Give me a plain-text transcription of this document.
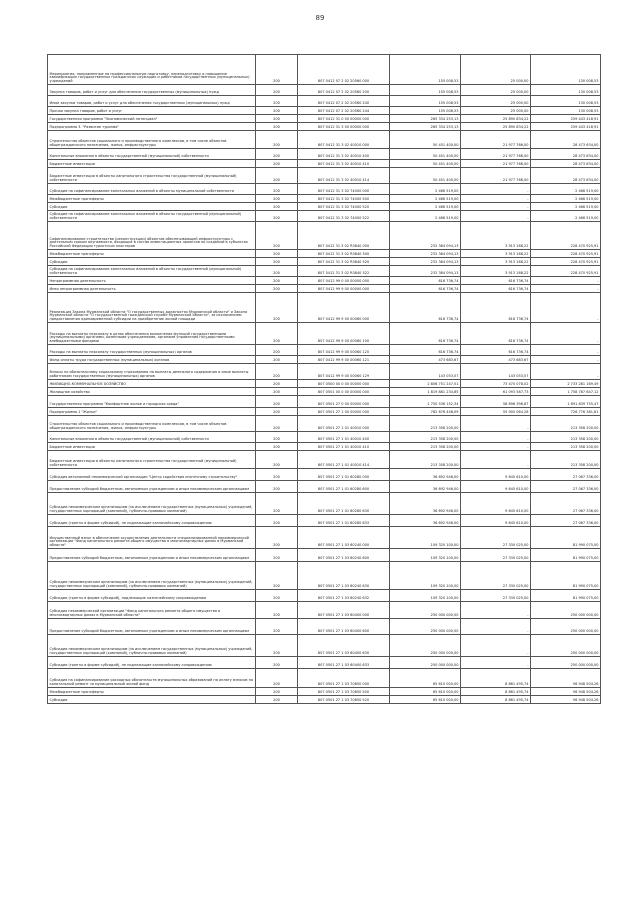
89
Мероприятия, направленные на профессиональную подготовку, переподготовку и повышение квалификации государственных гражданских служащих и работников государственных (муниципальных) учреждений	200	807 0412 07 2 02 20560 000	155 008,53	25 000,00	130 008,53
Закупка товаров, работ и услуг для обеспечения государственных (муниципальных) нужд	200	807 0412 07 2 02 20560 200	155 008,53	25 000,00	130 008,53
Иные закупки товаров, работ и услуг для обеспечения государственных (муниципальных) нужд	200	807 0412 07 2 02 20560 240	155 008,53	25 000,00	130 008,53
Прочая закупка товаров, работ и услуг	200	807 0412 07 2 02 20560 244	155 008,53	25 000,00	130 008,53
Государственная программа "Экономический потенциал"	200	807 0412 31 0 00 00000 000	285 334 253,13	25 890 834,22	259 443 418,91
Подпрограмма 3. "Развитие туризма"	200	807 0412 31 3 00 00000 000	285 334 253,13	25 890 834,22	259 443 418,91
Строительство объектов социального и производственного комплексов, в том числе объектов общегражданского назначения, жилья, инфраструктуры	200	807 0412 31 3 02 40010 000	50 451 400,00	21 977 766,00	28 473 634,00
Капитальные вложения в объекты государственной (муниципальной) собственности	200	807 0412 31 3 02 40010 400	50 451 400,00	21 977 766,00	28 473 634,00
Бюджетные инвестиции	200	807 0412 31 3 02 40010 410	50 451 400,00	21 977 766,00	28 473 634,00
Бюджетные инвестиции в объекты капитального строительства государственной (муниципальной) собственности	200	807 0412 31 3 02 40010 414	50 451 400,00	21 977 766,00	28 473 634,00
Субсидии на софинансирование капитальных вложений в объекты муниципальной собственности	200	807 0412 31 3 02 74000 000	2 466 519,00	-	2 466 519,00
Межбюджетные трансферты	200	807 0412 31 3 02 74000 500	2 466 519,00	-	2 466 519,00
Субсидии	200	807 0412 31 3 02 74000 520	2 466 519,00	-	2 466 519,00
Субсидии на софинансирование капитальных вложений в объекты государственной (муниципальной) собственности	200	807 0412 31 3 02 74000 522	2 466 519,00	-	2 466 519,00
Софинансирование строительства (реконструкции) объектов обеспечивающей инфраструктуры с длительным сроком окупаемости, входящих в состав инвестиционных проектов по созданию в субъектах Российской Федерации туристских кластеров	200	807 0412 31 3 02 R3840 000	232 384 094,13	3 913 168,22	228 470 925,91
Межбюджетные трансферты	200	807 0412 31 3 02 R3840 500	232 384 094,13	3 913 168,22	228 470 925,91
Субсидии	200	807 0412 31 3 02 R3840 520	232 384 094,13	3 913 168,22	228 470 925,91
Субсидии на софинансирование капитальных вложений в объекты государственной (муниципальной) собственности	200	807 0412 31 3 02 R3840 522	232 384 094,13	3 913 168,22	228 470 925,91
Непрограммная деятельность	200	807 0412 99 0 00 00000 000	616 736,74	616 736,74	-
Иная непрограммная деятельность	200	807 0412 99 9 00 00000 000	616 736,74	616 736,74	-
Реализация Закона Мурманской области "О государственных должностях Мурманской области" и Закона Мурманской области "О государственной гражданской службе Мурманской области", за исключением предоставления единовременной субсидии на приобретение жилой площади	200	807 0412 99 9 00 00060 000	616 736,74	616 736,74	-
Расходы на выплаты персоналу в целях обеспечения выполнения функций государственными (муниципальными) органами, казенными учреждениями, органами управления государственными внебюджетными фондами	200	807 0412 99 9 00 00060 100	616 736,74	616 736,74	-
Расходы на выплаты персоналу государственных (муниципальных) органов	200	807 0412 99 9 00 00060 120	616 736,74	616 736,74	-
Фонд оплаты труда государственных (муниципальных) органов	200	807 0412 99 9 00 00060 121	473 683,67	473 683,67	-
Взносы по обязательному социальному страхованию на выплаты денежного содержания и иные выплаты работникам государственных (муниципальных) органов	200	807 0412 99 9 00 00060 129	143 053,07	143 053,07	-
ЖИЛИЩНО-КОММУНАЛЬНОЕ ХОЗЯЙСТВО	200	807 0500 00 0 00 00000 000	2 806 751 247,51	73 470 078,02	2 733 281 169,49
Жилищное хозяйство	200	807 0501 00 0 00 00000 000	1 819 881 234,85	61 093 587,73	1 758 787 647,12
Государственная программа "Комфортное жилье и городская среда"	200	807 0501 27 0 00 00000 000	1 750 536 152,34	58 696 396,87	1 691 839 755,47
Подпрограмма 1 "Жилье"	200	807 0501 27 1 00 00000 000	782 676 446,09	55 900 064,28	726 776 381,81
Строительство объектов социального и производственного комплексов, в том числе объектов общегражданского назначения, жилья, инфраструктуры	200	807 0501 27 1 01 40010 000	213 358 200,00	-	213 358 200,00
Капитальные вложения в объекты государственной (муниципальной) собственности	200	807 0501 27 1 01 40010 400	213 358 200,00	-	213 358 200,00
Бюджетные инвестиции	200	807 0501 27 1 01 40010 410	213 358 200,00	-	213 358 200,00
Бюджетные инвестиции в объекты капитального строительства государственной (муниципальной) собственности	200	807 0501 27 1 01 40010 414	213 358 200,00	-	213 358 200,00
Субсидия автономной некоммерческой организации "Центр содействия ипотечному строительству"	200	807 0501 27 1 01 60280 000	36 692 946,00	9 645 610,00	27 067 336,00
Предоставление субсидий бюджетным, автономным учреждениям и иным некоммерческим организациям	200	807 0501 27 1 01 60280 600	36 692 946,00	9 645 610,00	27 067 336,00
Субсидии некоммерческим организациям (за исключением государственных (муниципальных) учреждений, государственных корпораций (компаний), публично-правовых компаний)	200	807 0501 27 1 01 60280 630	36 692 946,00	9 645 610,00	27 067 336,00
Субсидии (гранты в форме субсидий), не подлежащие казначейскому сопровождению	200	807 0501 27 1 01 60280 633	36 692 946,00	9 645 610,00	27 067 336,00
Имущественный взнос в обеспечение осуществления деятельности специализированной некоммерческой организации "Фонд капитального ремонта общего имущества в многоквартирных домах в Мурманской области"	200	807 0501 27 1 03 60240 000	109 320 100,00	27 330 025,00	81 990 075,00
Предоставление субсидий бюджетным, автономным учреждениям и иным некоммерческим организациям	200	807 0501 27 1 03 60240 600	109 320 100,00	27 330 025,00	81 990 075,00
Субсидии некоммерческим организациям (за исключением государственных (муниципальных) учреждений, государственных корпораций (компаний), публично-правовых компаний)	200	807 0501 27 1 03 60240 630	109 320 100,00	27 330 025,00	81 990 075,00
Субсидии (гранты в форме субсидий), подлежащие казначейскому сопровождению	200	807 0501 27 1 03 60240 632	109 320 100,00	27 330 025,00	81 990 075,00
Субсидия некоммерческой организации "Фонд капитального ремонта общего имущества в многоквартирных домах в Мурманской области"	200	807 0501 27 1 03 60400 000	250 000 000,00	-	250 000 000,00
Предоставление субсидий бюджетным, автономным учреждениям и иным некоммерческим организациям	200	807 0501 27 1 03 60400 600	250 000 000,00	-	250 000 000,00
Субсидии некоммерческим организациям (за исключением государственных (муниципальных) учреждений, государственных корпораций (компаний), публично-правовых компаний)	200	807 0501 27 1 03 60400 630	250 000 000,00	-	250 000 000,00
Субсидии (гранты в форме субсидий), не подлежащие казначейскому сопровождению	200	807 0501 27 1 03 60400 633	250 000 000,00	-	250 000 000,00
Субсидия на софинансирование расходных обязательств муниципальных образований на оплату взносов на капитальный ремонт за муниципальный жилой фонд	200	807 0501 27 1 03 70850 000	65 610 000,00	8 661 495,74	56 948 504,26
Межбюджетные трансферты	200	807 0501 27 1 03 70850 500	65 610 000,00	8 661 495,74	56 948 504,26
Субсидии	200	807 0501 27 1 03 70850 520	65 610 000,00	8 661 495,74	56 948 504,26
